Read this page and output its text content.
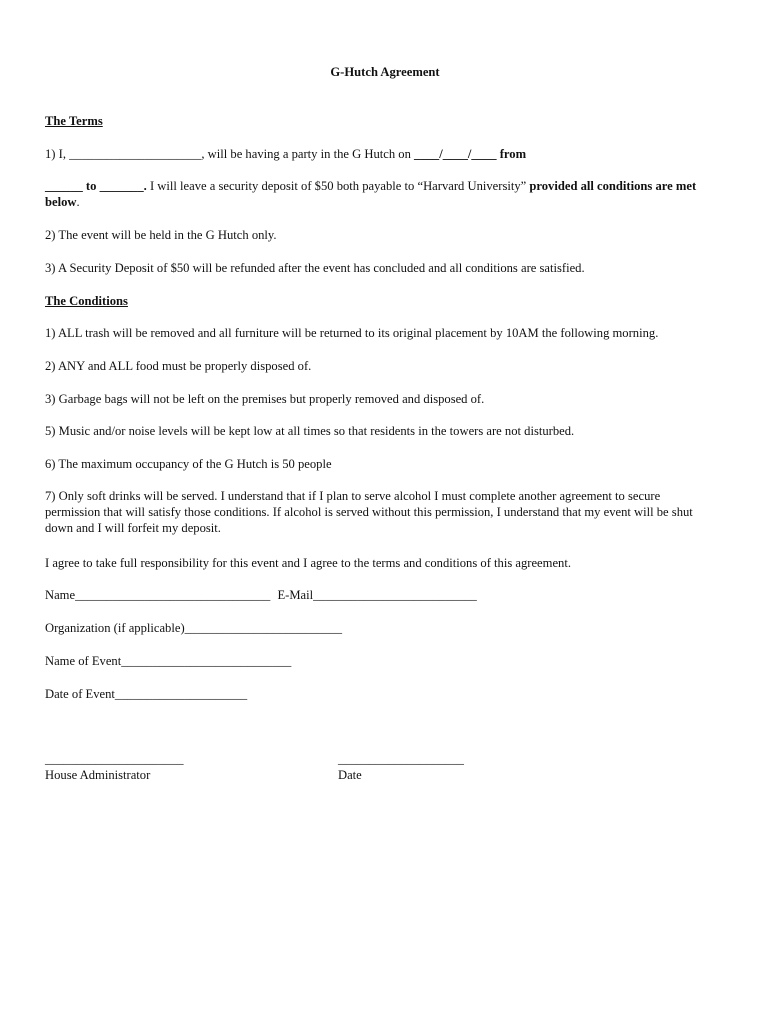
G-Hutch Agreement
The Terms
1) I, _____________________, will be having a party in the G Hutch on ____/____/____ from
______ to _______. I will leave a security deposit of $50 both payable to “Harvard University” provided all conditions are met below.
2) The event will be held in the G Hutch only.
3) A Security Deposit of $50 will be refunded after the event has concluded and all conditions are satisfied.
The Conditions
1) ALL trash will be removed and all furniture will be returned to its original placement by 10AM the following morning.
2) ANY and ALL food must be properly disposed of.
3) Garbage bags will not be left on the premises but properly removed and disposed of.
5) Music and/or noise levels will be kept low at all times so that residents in the towers are not disturbed.
6) The maximum occupancy of the G Hutch is 50 people
7) Only soft drinks will be served. I understand that if I plan to serve alcohol I must complete another agreement to secure permission that will satisfy those conditions. If alcohol is served without this permission, I understand that my event will be shut down and I will forfeit my deposit.
I agree to take full responsibility for this event and I agree to the terms and conditions of this agreement.
Name_______________________________ E-Mail__________________________
Organization (if applicable)_________________________
Name of Event___________________________
Date of Event_____________________
______________________
House Administrator
____________________
Date
